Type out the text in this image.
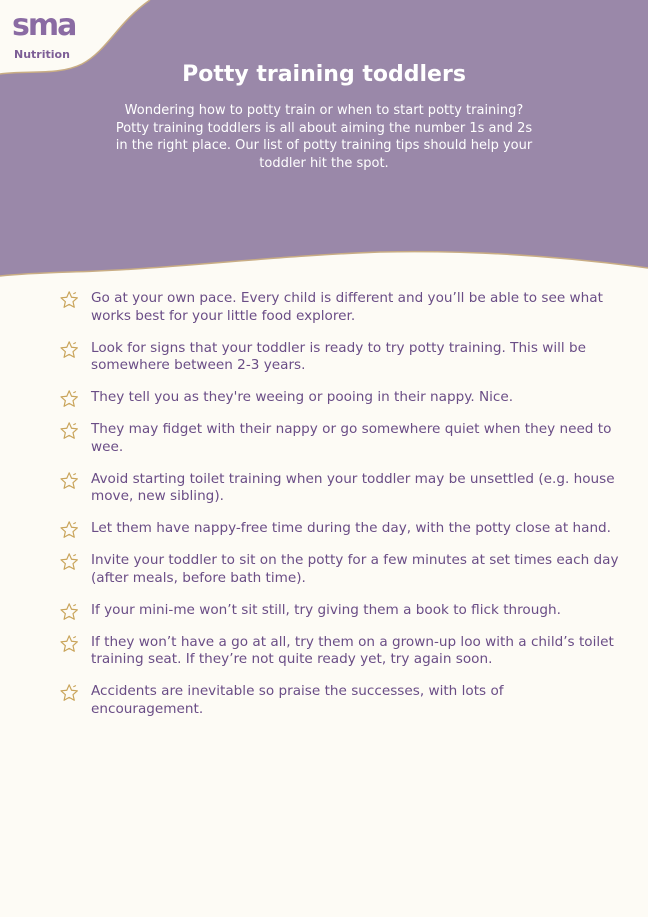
sma
Nutrition
Potty training toddlers
Wondering how to potty train or when to start potty training? Potty training toddlers is all about aiming the number 1s and 2s in the right place. Our list of potty training tips should help your toddler hit the spot.
Go at your own pace. Every child is different and you’ll be able to see what works best for your little food explorer.
Look for signs that your toddler is ready to try potty training. This will be somewhere between 2-3 years.
They tell you as they're weeing or pooing in their nappy. Nice.
They may fidget with their nappy or go somewhere quiet when they need to wee.
Avoid starting toilet training when your toddler may be unsettled (e.g. house move, new sibling).
Let them have nappy-free time during the day, with the potty close at hand.
Invite your toddler to sit on the potty for a few minutes at set times each day (after meals, before bath time).
If your mini-me won’t sit still, try giving them a book to flick through.
If they won’t have a go at all, try them on a grown-up loo with a child’s toilet training seat. If they’re not quite ready yet, try again soon.
Accidents are inevitable so praise the successes, with lots of encouragement.
